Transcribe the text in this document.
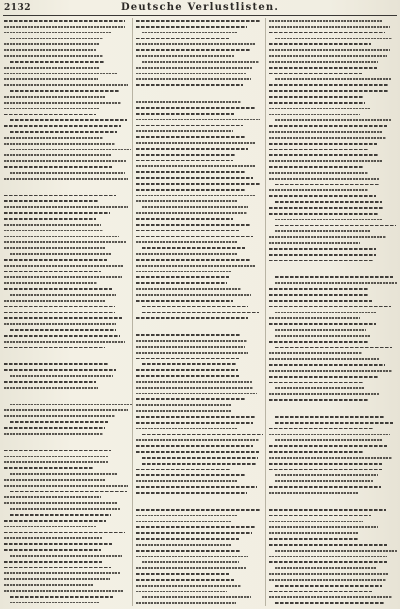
2132	Deutsche Verlustlisten.
